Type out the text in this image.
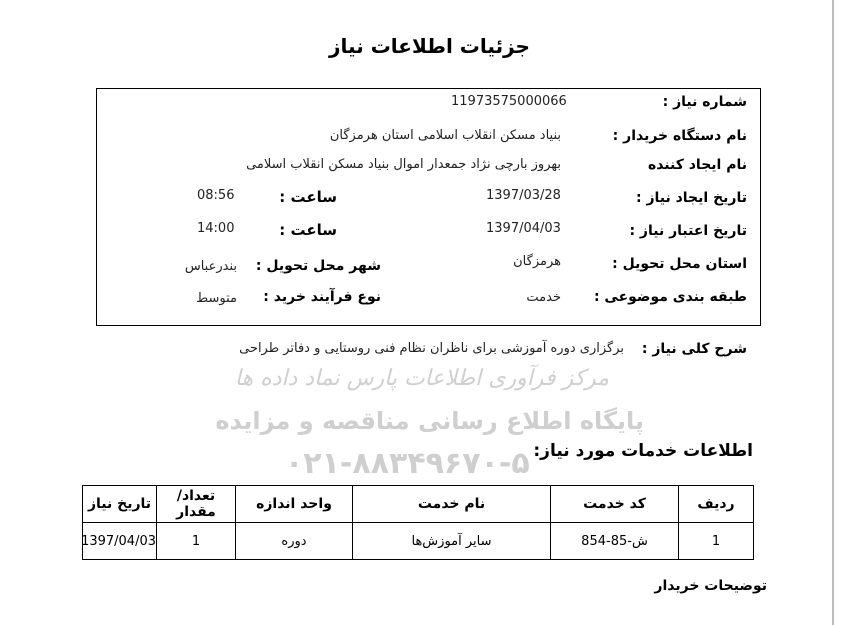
مرکز فرآوری اطلاعات پارس نماد داده ها
پایگاه اطلاع رسانی مناقصه و مزایده
۰۲۱-۸۸۳۴۹۶۷۰-۵
جزئیات اطلاعات نیاز
شماره نیاز :
11973575000066
نام دستگاه خریدار :
بنیاد مسکن انقلاب اسلامی استان هرمزگان
نام ایجاد کننده
بهروز بارچی نژاد جمعدار اموال بنیاد مسکن انقلاب اسلامی
تاریخ ایجاد نیاز :
1397/03/28
ساعت :
08:56
تاریخ اعتبار نیاز :
1397/04/03
ساعت :
14:00
استان محل تحویل :
هرمزگان
شهر محل تحویل :
بندرعباس
طبقه بندی موضوعی :
خدمت
نوع فرآیند خرید :
متوسط
شرح کلی نیاز :
برگزاری دوره آموزشی برای ناظران نظام فنی روستایی و دفاتر طراحی
اطلاعات خدمات مورد نیاز:
ردیف	کد خدمت	نام خدمت	واحد اندازه	تعداد/ مقدار	تاریخ نیاز
1	ش-85-854	سایر آموزش‌ها	دوره	1	1397/04/03
توضیحات خریدار
